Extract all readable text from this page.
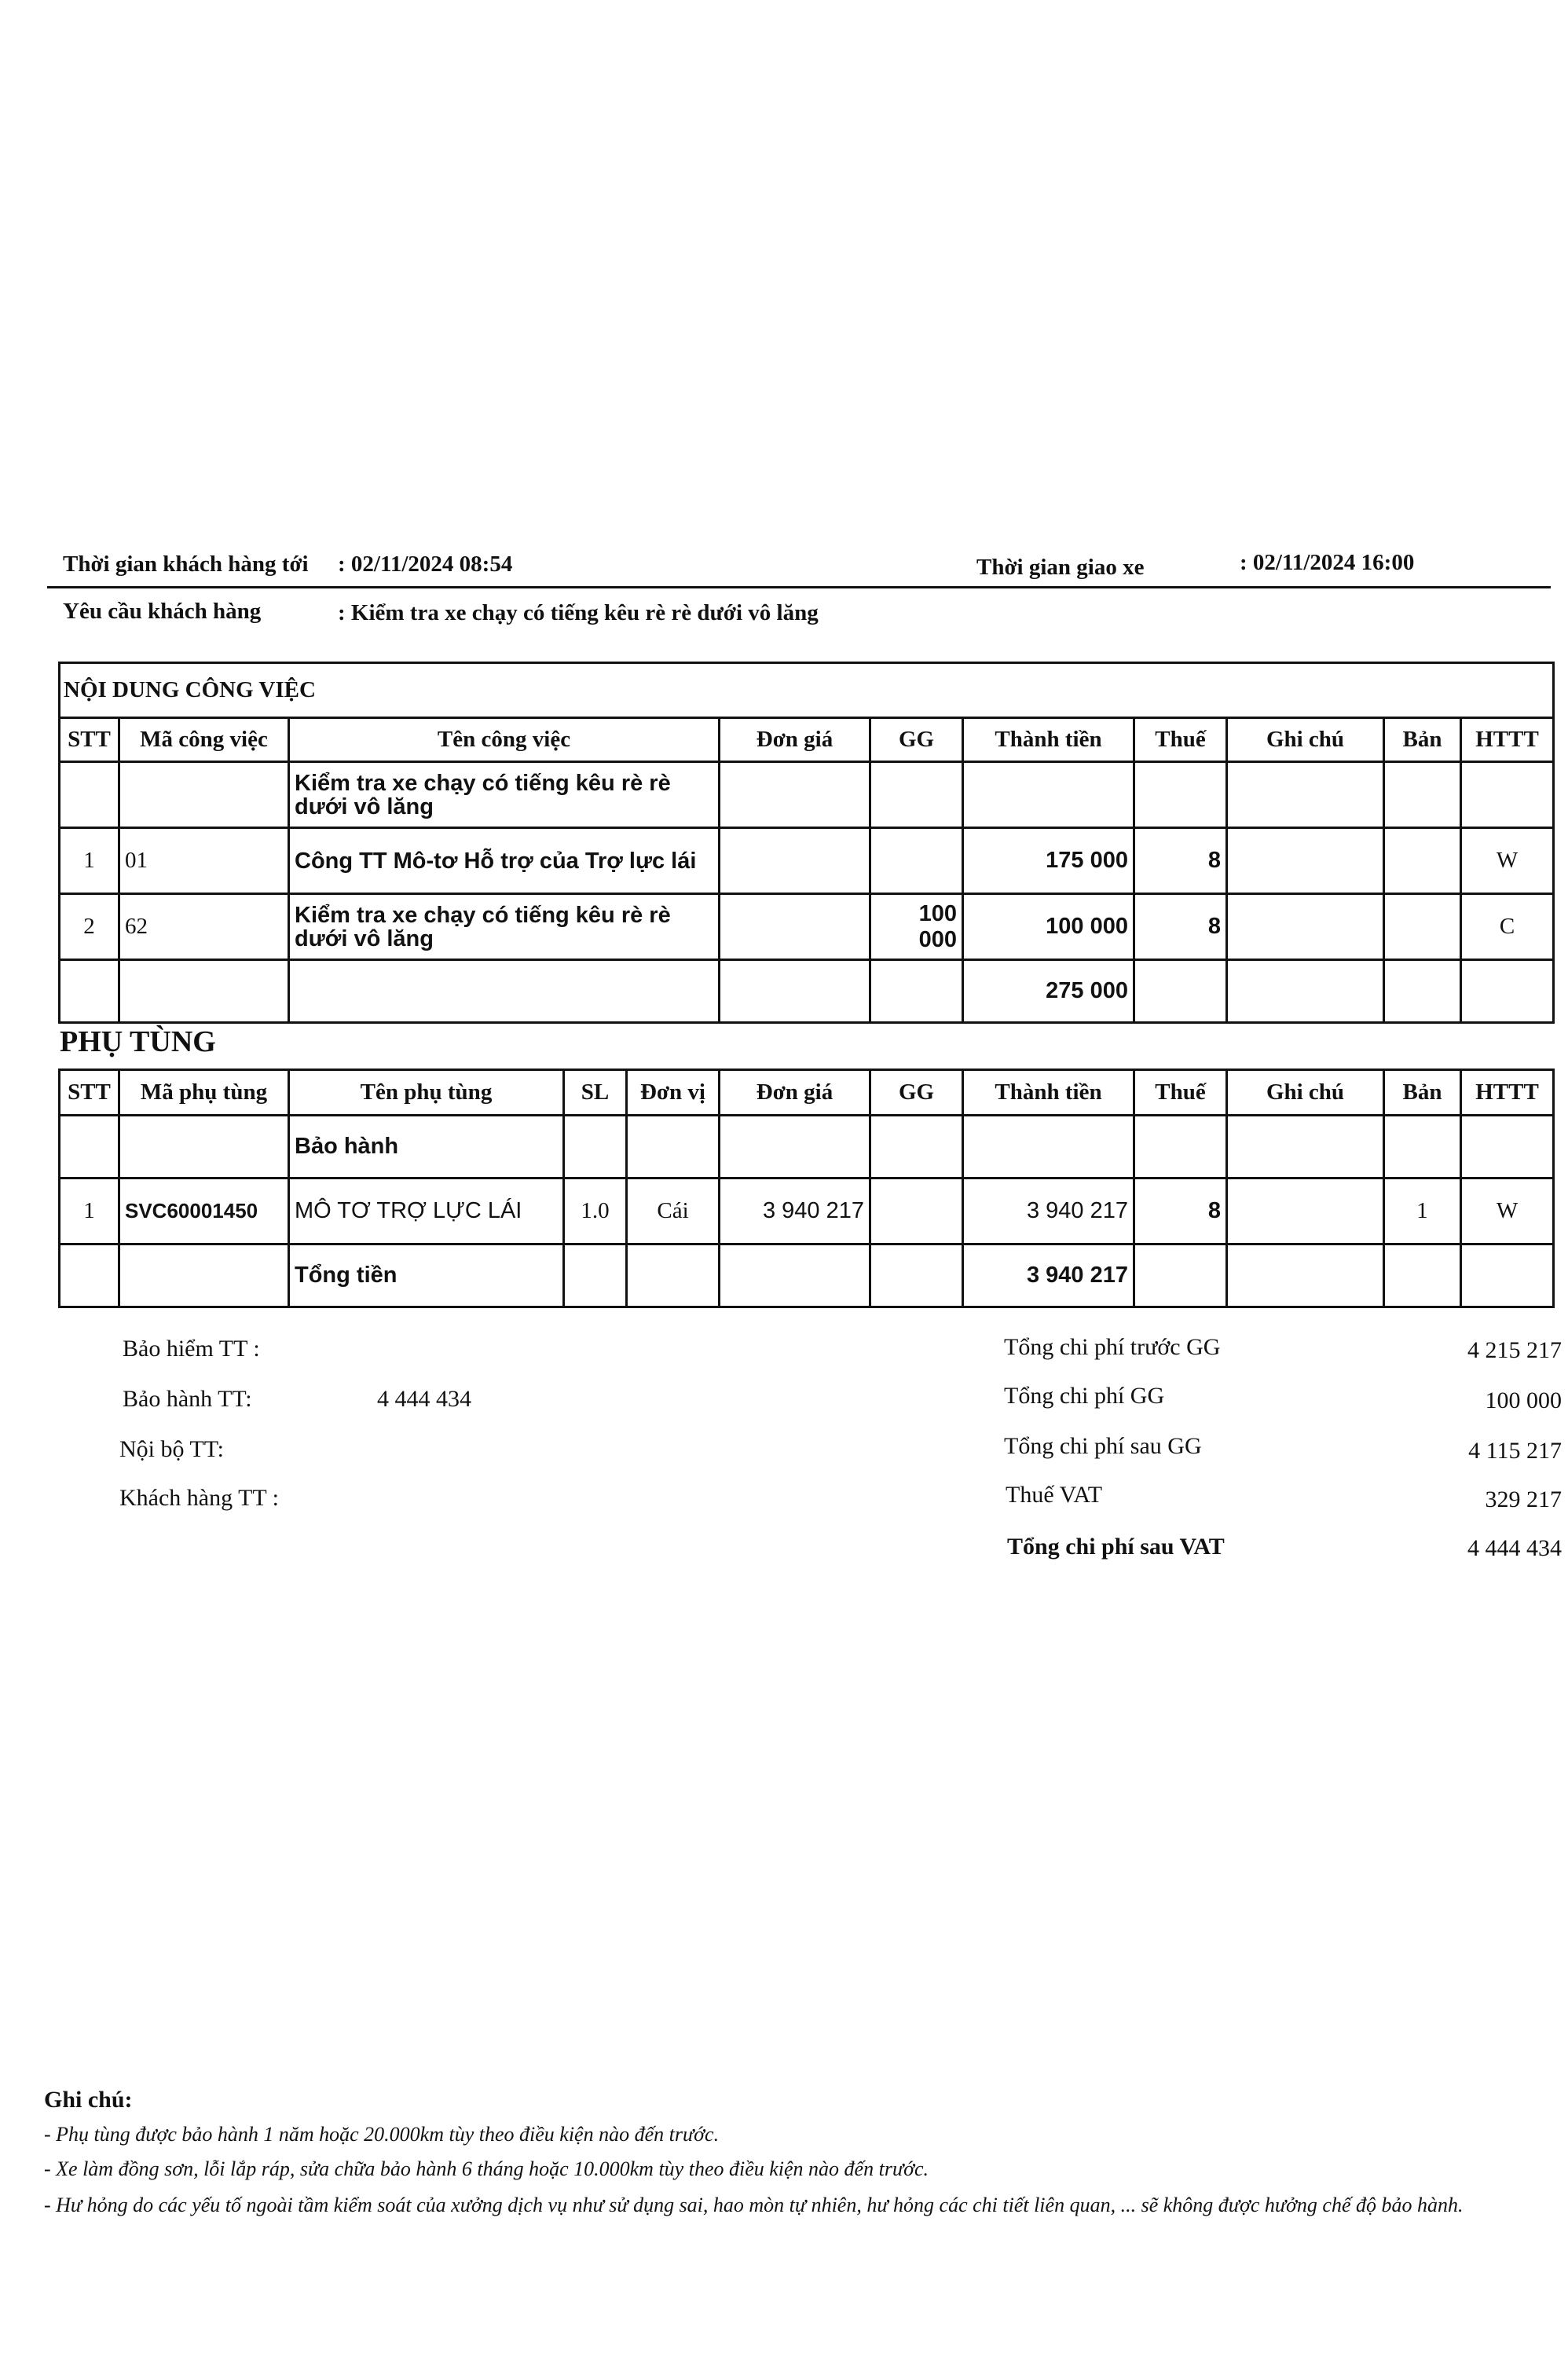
Thời gian khách hàng tới : 02/11/2024 08:54	Thời gian giao xe	: 02/11/2024 16:00
Yêu cầu khách hàng	: Kiểm tra xe chạy có tiếng kêu rè rè dưới vô lăng
NỘI DUNG CÔNG VIỆC									
STT	Mã công việc	Tên công việc	Đơn giá	GG	Thành tiền	Thuế	Ghi chú	Bản	HTTT
		Kiểm tra xe chạy có tiếng kêu rè rè dưới vô lăng							
1	01	Công TT Mô-tơ Hỗ trợ của Trợ lực lái			175 000	8			W
2	62	Kiểm tra xe chạy có tiếng kêu rè rè dưới vô lăng		100 000	100 000	8			C
					275 000				
PHỤ TÙNG
STT	Mã phụ tùng	Tên phụ tùng	SL	Đơn vị	Đơn giá	GG	Thành tiền	Thuế	Ghi chú	Bản	HTTT
		Bảo hành									
1	SVC60001450	MÔ TƠ TRỢ LỰC LÁI	1.0	Cái	3 940 217		3 940 217	8		1	W
		Tổng tiền					3 940 217				
Bảo hiểm TT :
Bảo hành TT:	4 444 434
Nội bộ TT:
Khách hàng TT :
Tổng chi phí trước GG	4 215 217
Tổng chi phí GG	100 000
Tổng chi phí sau GG	4 115 217
Thuế VAT	329 217
Tổng chi phí sau VAT	4 444 434
Ghi chú:
- Phụ tùng được bảo hành 1 năm hoặc 20.000km tùy theo điều kiện nào đến trước.
- Xe làm đồng sơn, lỗi lắp ráp, sửa chữa bảo hành 6 tháng hoặc 10.000km tùy theo điều kiện nào đến trước.
- Hư hỏng do các yếu tố ngoài tầm kiểm soát của xưởng dịch vụ như sử dụng sai, hao mòn tự nhiên, hư hỏng các chi tiết liên quan, ... sẽ không được hưởng chế độ bảo hành.
